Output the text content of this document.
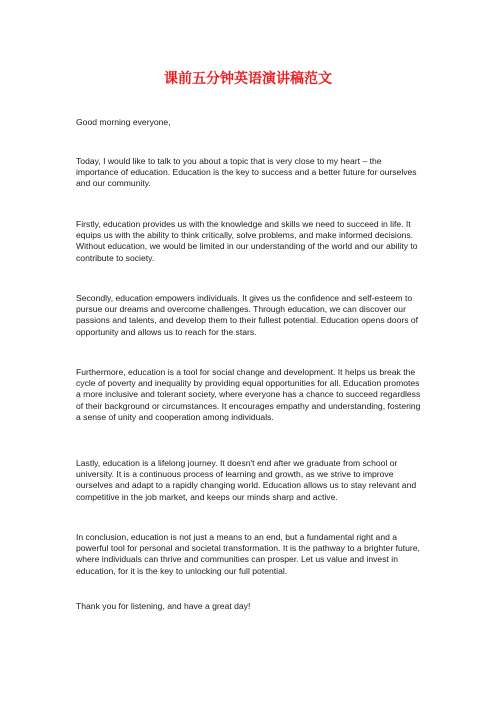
课前五分钟英语演讲稿范文

Good morning everyone,

Today, I would like to talk to you about a topic that is very close to my heart – the importance of education. Education is the key to success and a better future for ourselves and our community.

Firstly, education provides us with the knowledge and skills we need to succeed in life. It equips us with the ability to think critically, solve problems, and make informed decisions. Without education, we would be limited in our understanding of the world and our ability to contribute to society.

Secondly, education empowers individuals. It gives us the confidence and self-esteem to pursue our dreams and overcome challenges. Through education, we can discover our passions and talents, and develop them to their fullest potential. Education opens doors of opportunity and allows us to reach for the stars.

Furthermore, education is a tool for social change and development. It helps us break the cycle of poverty and inequality by providing equal opportunities for all. Education promotes a more inclusive and tolerant society, where everyone has a chance to succeed regardless of their background or circumstances. It encourages empathy and understanding, fostering a sense of unity and cooperation among individuals.

Lastly, education is a lifelong journey. It doesn't end after we graduate from school or university. It is a continuous process of learning and growth, as we strive to improve ourselves and adapt to a rapidly changing world. Education allows us to stay relevant and competitive in the job market, and keeps our minds sharp and active.

In conclusion, education is not just a means to an end, but a fundamental right and a powerful tool for personal and societal transformation. It is the pathway to a brighter future, where individuals can thrive and communities can prosper. Let us value and invest in education, for it is the key to unlocking our full potential.

Thank you for listening, and have a great day!
